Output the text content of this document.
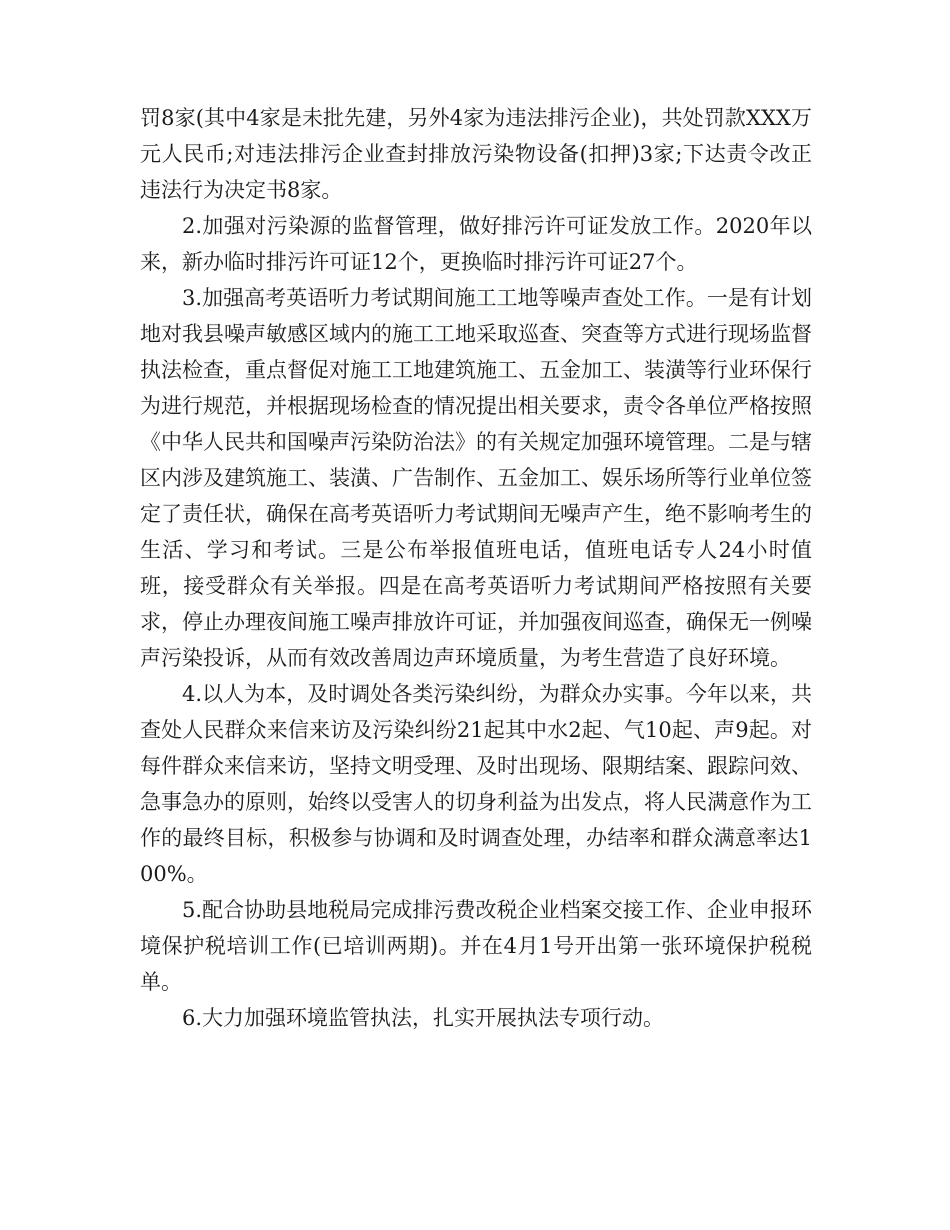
罚8家(其中4家是未批先建，另外4家为违法排污企业)，共处罚款XXX万元人民币;对违法排污企业查封排放污染物设备(扣押)3家;下达责令改正违法行为决定书8家。

2.加强对污染源的监督管理，做好排污许可证发放工作。2020年以来，新办临时排污许可证12个，更换临时排污许可证27个。

3.加强高考英语听力考试期间施工工地等噪声查处工作。一是有计划地对我县噪声敏感区域内的施工工地采取巡查、突查等方式进行现场监督执法检查，重点督促对施工工地建筑施工、五金加工、装潢等行业环保行为进行规范，并根据现场检查的情况提出相关要求，责令各单位严格按照《中华人民共和国噪声污染防治法》的有关规定加强环境管理。二是与辖区内涉及建筑施工、装潢、广告制作、五金加工、娱乐场所等行业单位签定了责任状，确保在高考英语听力考试期间无噪声产生，绝不影响考生的生活、学习和考试。三是公布举报值班电话，值班电话专人24小时值班，接受群众有关举报。四是在高考英语听力考试期间严格按照有关要求，停止办理夜间施工噪声排放许可证，并加强夜间巡查，确保无一例噪声污染投诉，从而有效改善周边声环境质量，为考生营造了良好环境。

4.以人为本，及时调处各类污染纠纷，为群众办实事。今年以来，共查处人民群众来信来访及污染纠纷21起其中水2起、气10起、声9起。对每件群众来信来访，坚持文明受理、及时出现场、限期结案、跟踪问效、急事急办的原则，始终以受害人的切身利益为出发点，将人民满意作为工作的最终目标，积极参与协调和及时调查处理，办结率和群众满意率达100%。

5.配合协助县地税局完成排污费改税企业档案交接工作、企业申报环境保护税培训工作(已培训两期)。并在4月1号开出第一张环境保护税税单。

6.大力加强环境监管执法，扎实开展执法专项行动。
